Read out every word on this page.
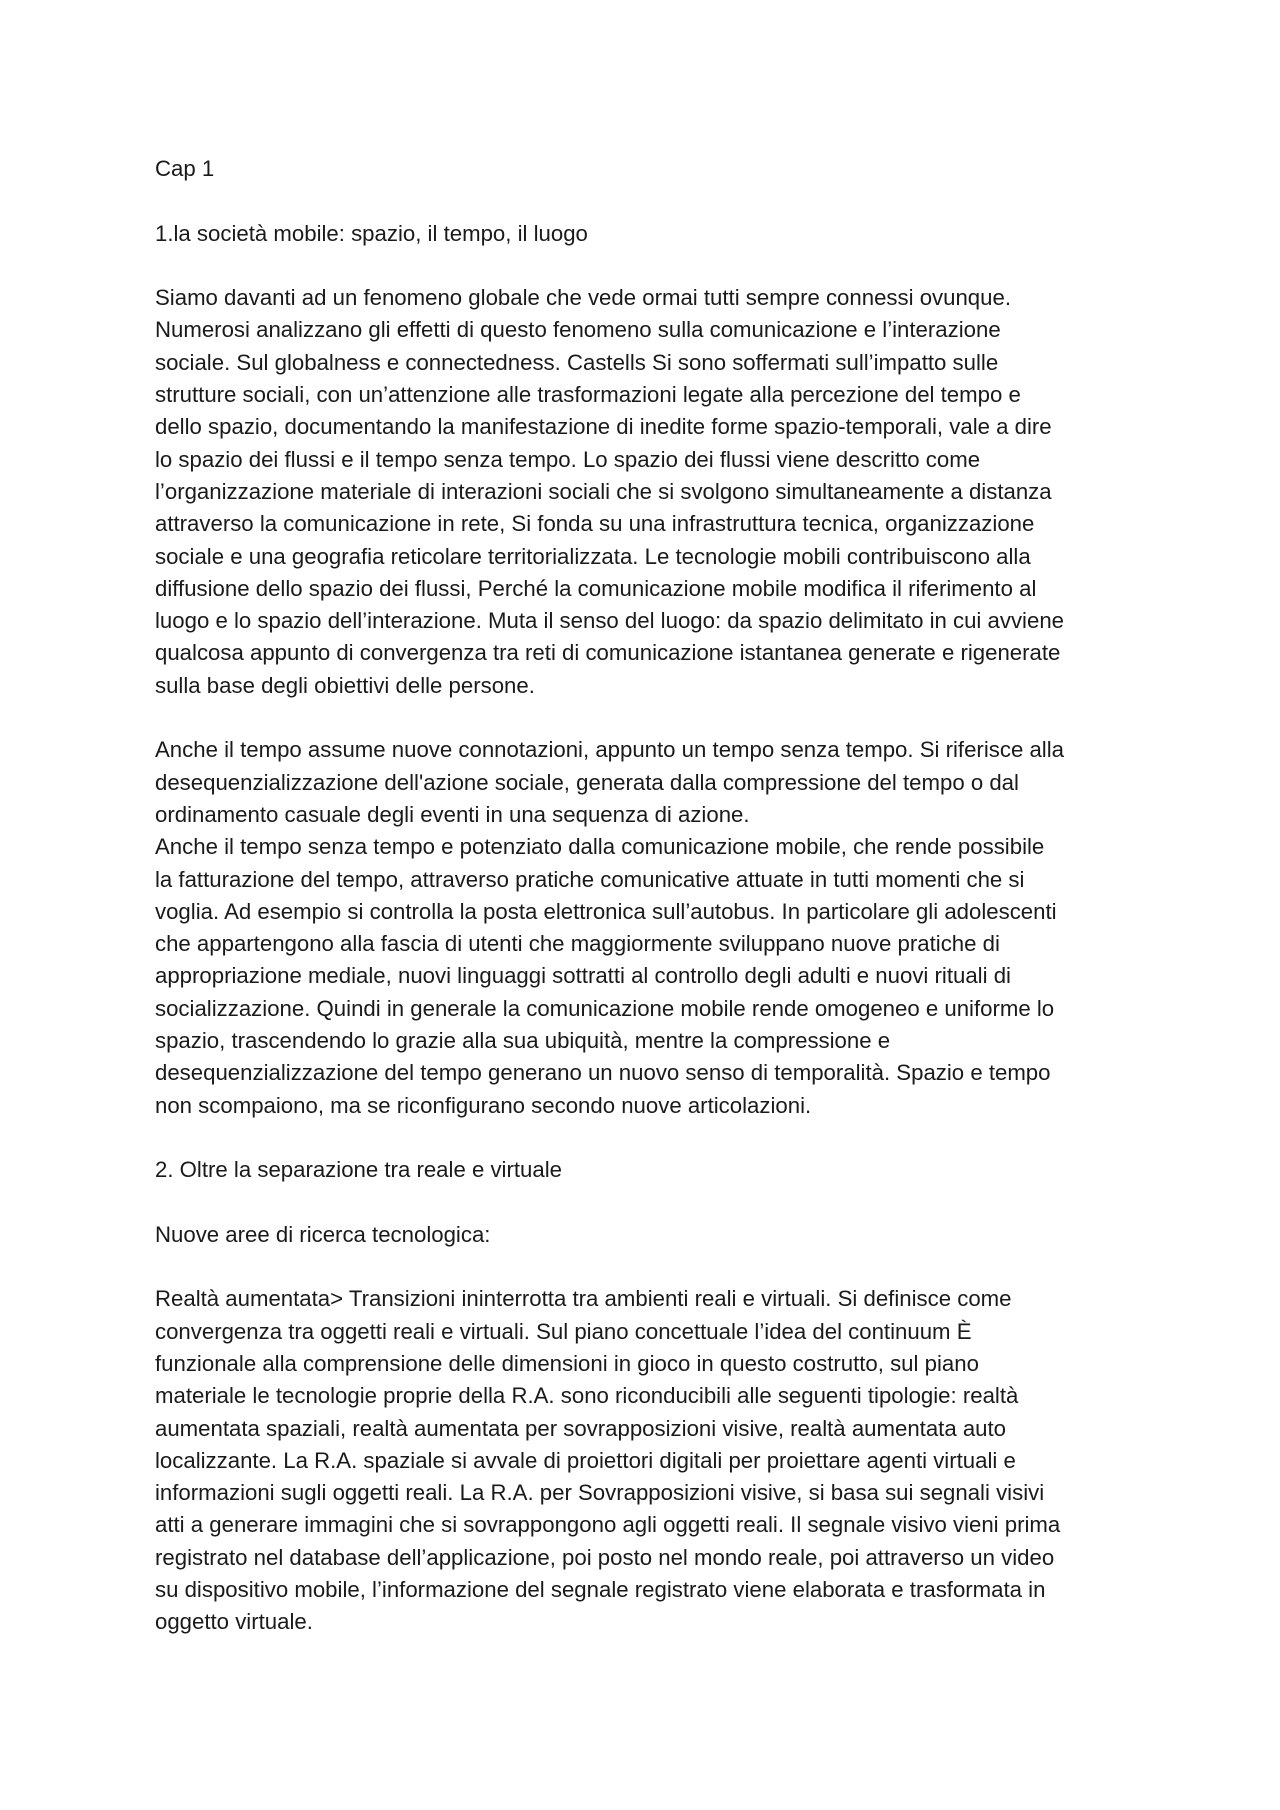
Cap 1

1.la società mobile: spazio, il tempo, il luogo

Siamo davanti ad un fenomeno globale che vede ormai tutti sempre connessi ovunque.
Numerosi analizzano gli effetti di questo fenomeno sulla comunicazione e l’interazione
sociale. Sul globalness e connectedness. Castells Si sono soffermati sull’impatto sulle
strutture sociali, con un’attenzione alle trasformazioni legate alla percezione del tempo e
dello spazio, documentando la manifestazione di inedite forme spazio-temporali, vale a dire
lo spazio dei flussi e il tempo senza tempo. Lo spazio dei flussi viene descritto come
l’organizzazione materiale di interazioni sociali che si svolgono simultaneamente a distanza
attraverso la comunicazione in rete, Si fonda su una infrastruttura tecnica, organizzazione
sociale e una geografia reticolare territorializzata. Le tecnologie mobili contribuiscono alla
diffusione dello spazio dei flussi, Perché la comunicazione mobile modifica il riferimento al
luogo e lo spazio dell’interazione. Muta il senso del luogo: da spazio delimitato in cui avviene
qualcosa appunto di convergenza tra reti di comunicazione istantanea generate e rigenerate
sulla base degli obiettivi delle persone.

Anche il tempo assume nuove connotazioni, appunto un tempo senza tempo. Si riferisce alla
desequenzializzazione dell'azione sociale, generata dalla compressione del tempo o dal
ordinamento casuale degli eventi in una sequenza di azione.

Anche il tempo senza tempo e potenziato dalla comunicazione mobile, che rende possibile
la fatturazione del tempo, attraverso pratiche comunicative attuate in tutti momenti che si
voglia. Ad esempio si controlla la posta elettronica sull’autobus. In particolare gli adolescenti
che appartengono alla fascia di utenti che maggiormente sviluppano nuove pratiche di
appropriazione mediale, nuovi linguaggi sottratti al controllo degli adulti e nuovi rituali di
socializzazione. Quindi in generale la comunicazione mobile rende omogeneo e uniforme lo
spazio, trascendendo lo grazie alla sua ubiquità, mentre la compressione e
desequenzializzazione del tempo generano un nuovo senso di temporalità. Spazio e tempo
non scompaiono, ma se riconfigurano secondo nuove articolazioni.

2. Oltre la separazione tra reale e virtuale

Nuove aree di ricerca tecnologica:

Realtà aumentata> Transizioni ininterrotta tra ambienti reali e virtuali. Si definisce come
convergenza tra oggetti reali e virtuali. Sul piano concettuale l’idea del continuum È
funzionale alla comprensione delle dimensioni in gioco in questo costrutto, sul piano
materiale le tecnologie proprie della R.A. sono riconducibili alle seguenti tipologie: realtà
aumentata spaziali, realtà aumentata per sovrapposizioni visive, realtà aumentata auto
localizzante. La R.A. spaziale si avvale di proiettori digitali per proiettare agenti virtuali e
informazioni sugli oggetti reali. La R.A. per Sovrapposizioni visive, si basa sui segnali visivi
atti a generare immagini che si sovrappongono agli oggetti reali. Il segnale visivo vieni prima
registrato nel database dell’applicazione, poi posto nel mondo reale, poi attraverso un video
su dispositivo mobile, l’informazione del segnale registrato viene elaborata e trasformata in
oggetto virtuale.
